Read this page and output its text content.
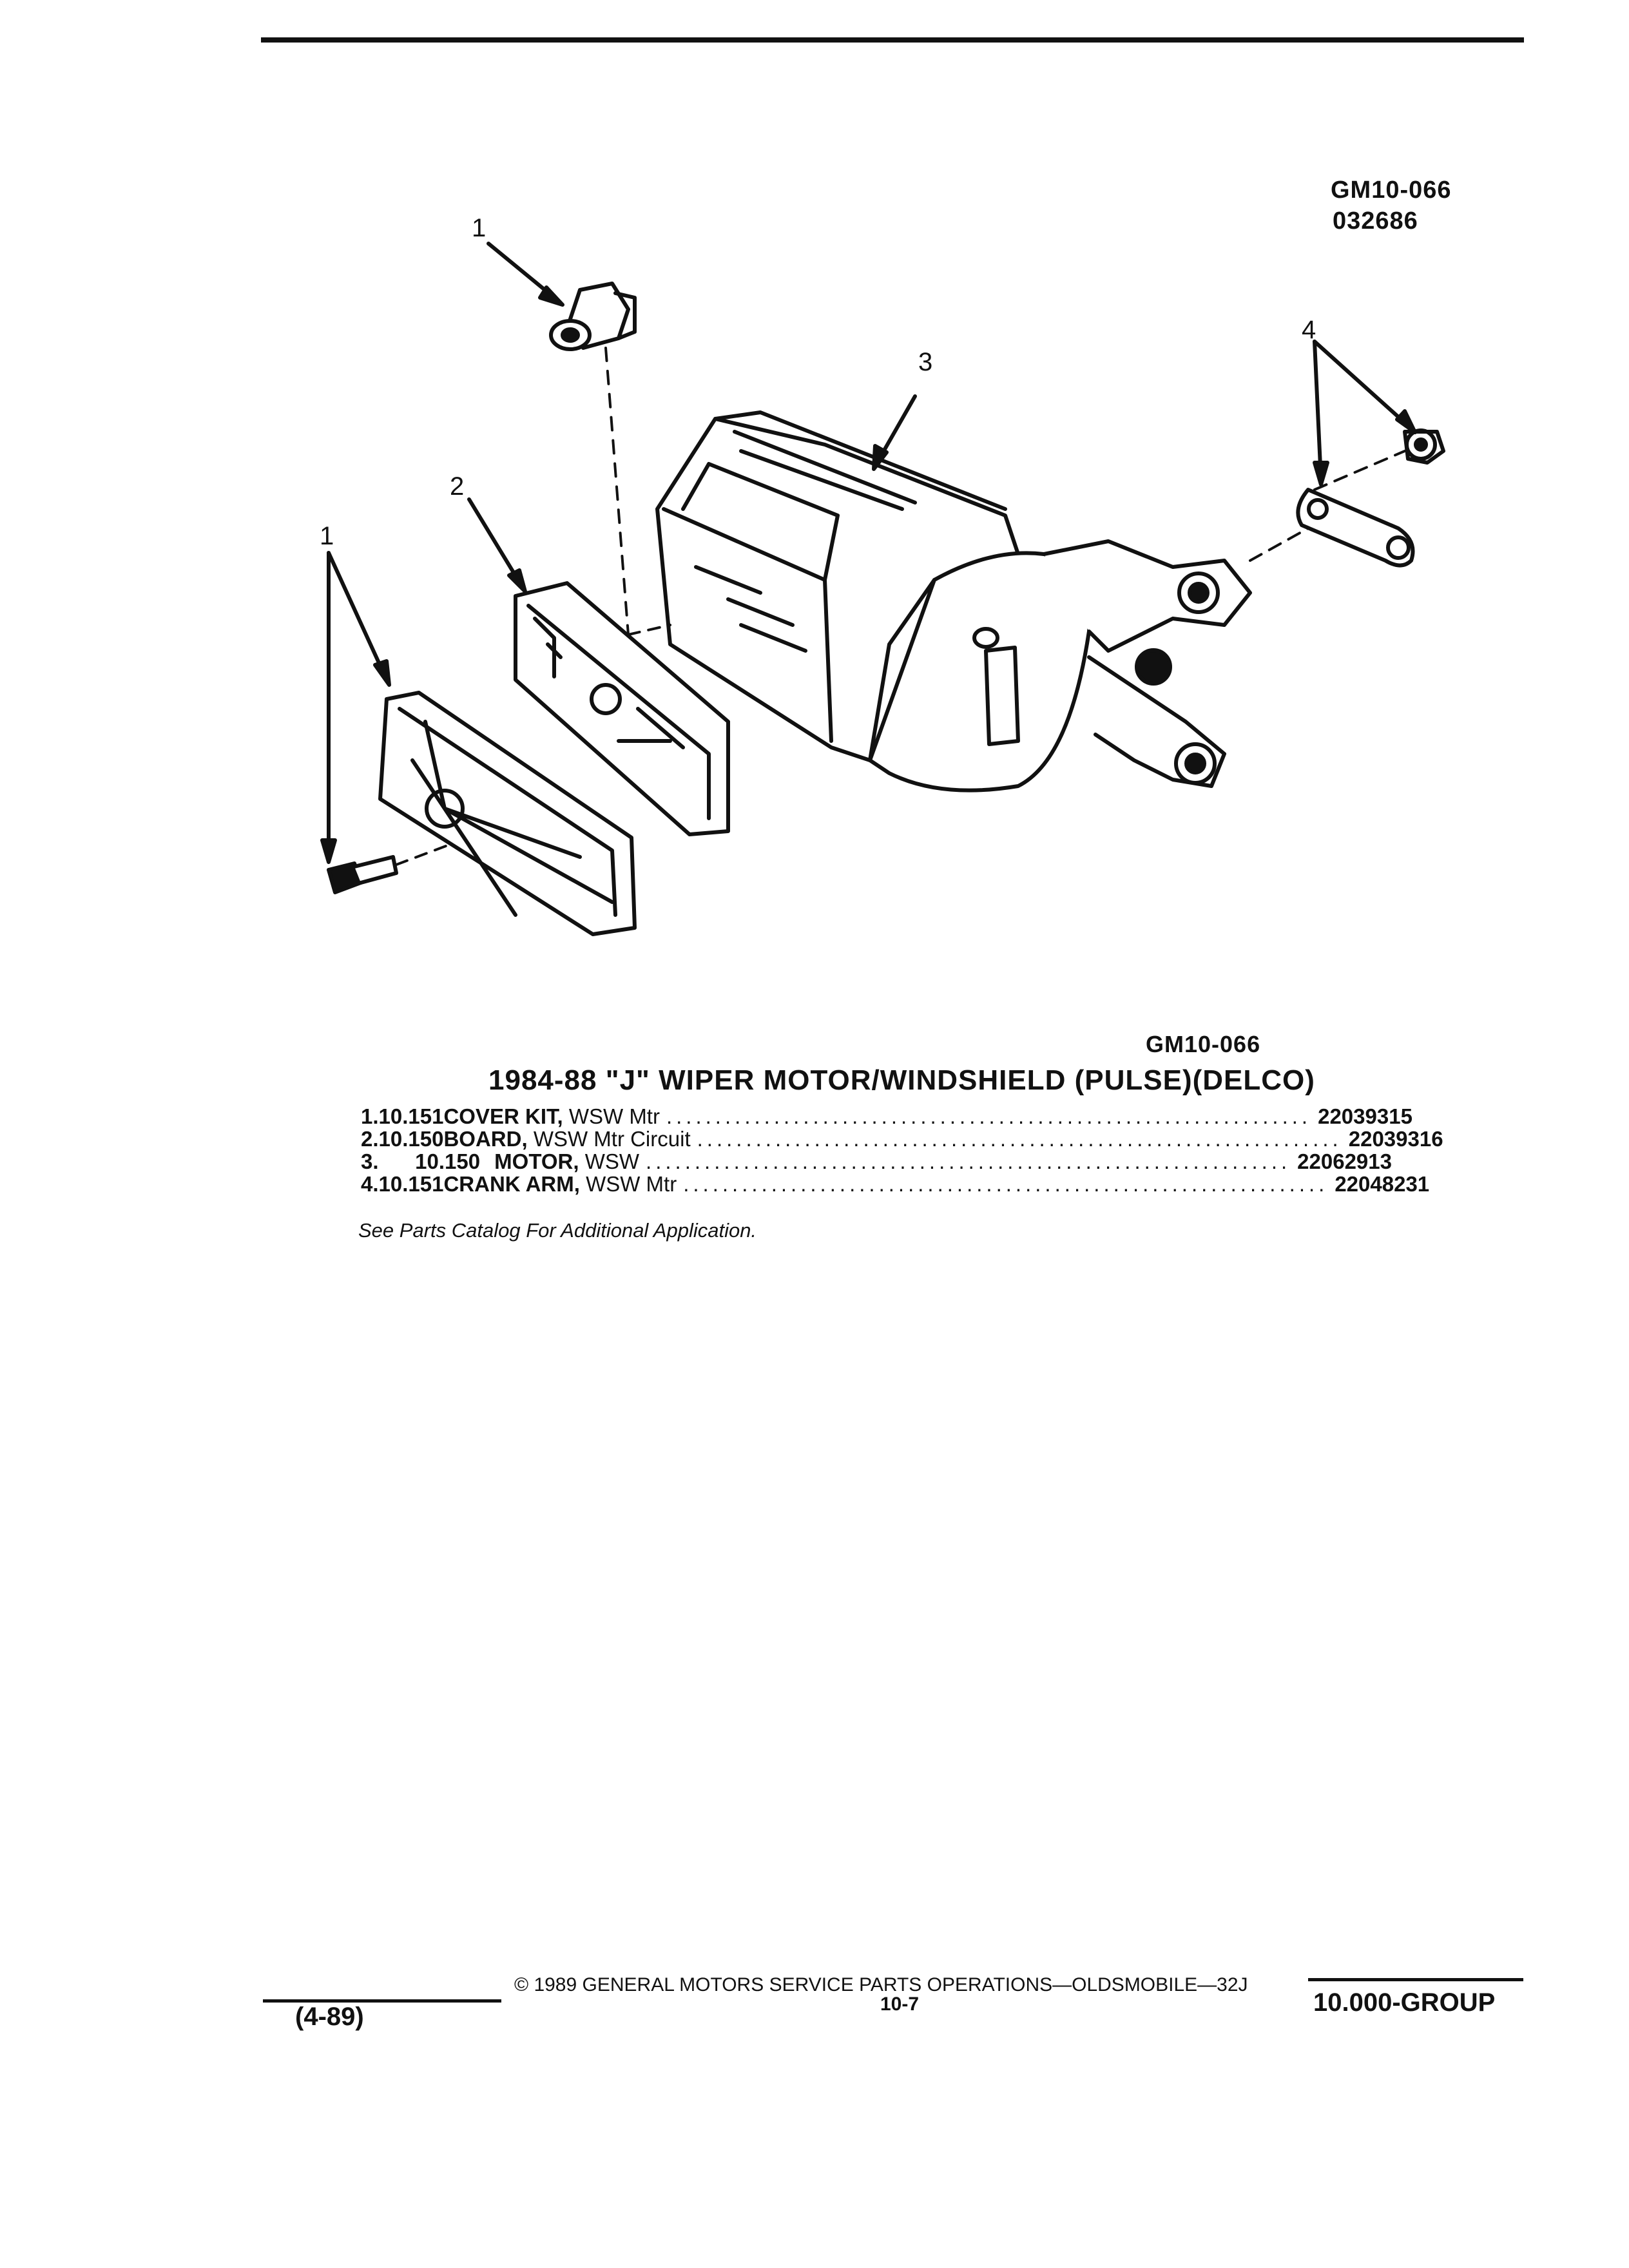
GM10-066
032686
1
2
3
4
1
GM10-066
1984-88 "J" WIPER MOTOR/WINDSHIELD (PULSE)(DELCO)
1. 10.151 COVER KIT, WSW Mtr .................................................................. 22039315
2. 10.150 BOARD, WSW Mtr Circuit .................................................................. 22039316
3.	10.150 MOTOR, WSW .................................................................. 22062913
4. 10.151 CRANK ARM, WSW Mtr .................................................................. 22048231
See Parts Catalog For Additional Application.
© 1989 GENERAL MOTORS SERVICE PARTS OPERATIONS—OLDSMOBILE—32J
10-7
(4-89)	10.000-GROUP
